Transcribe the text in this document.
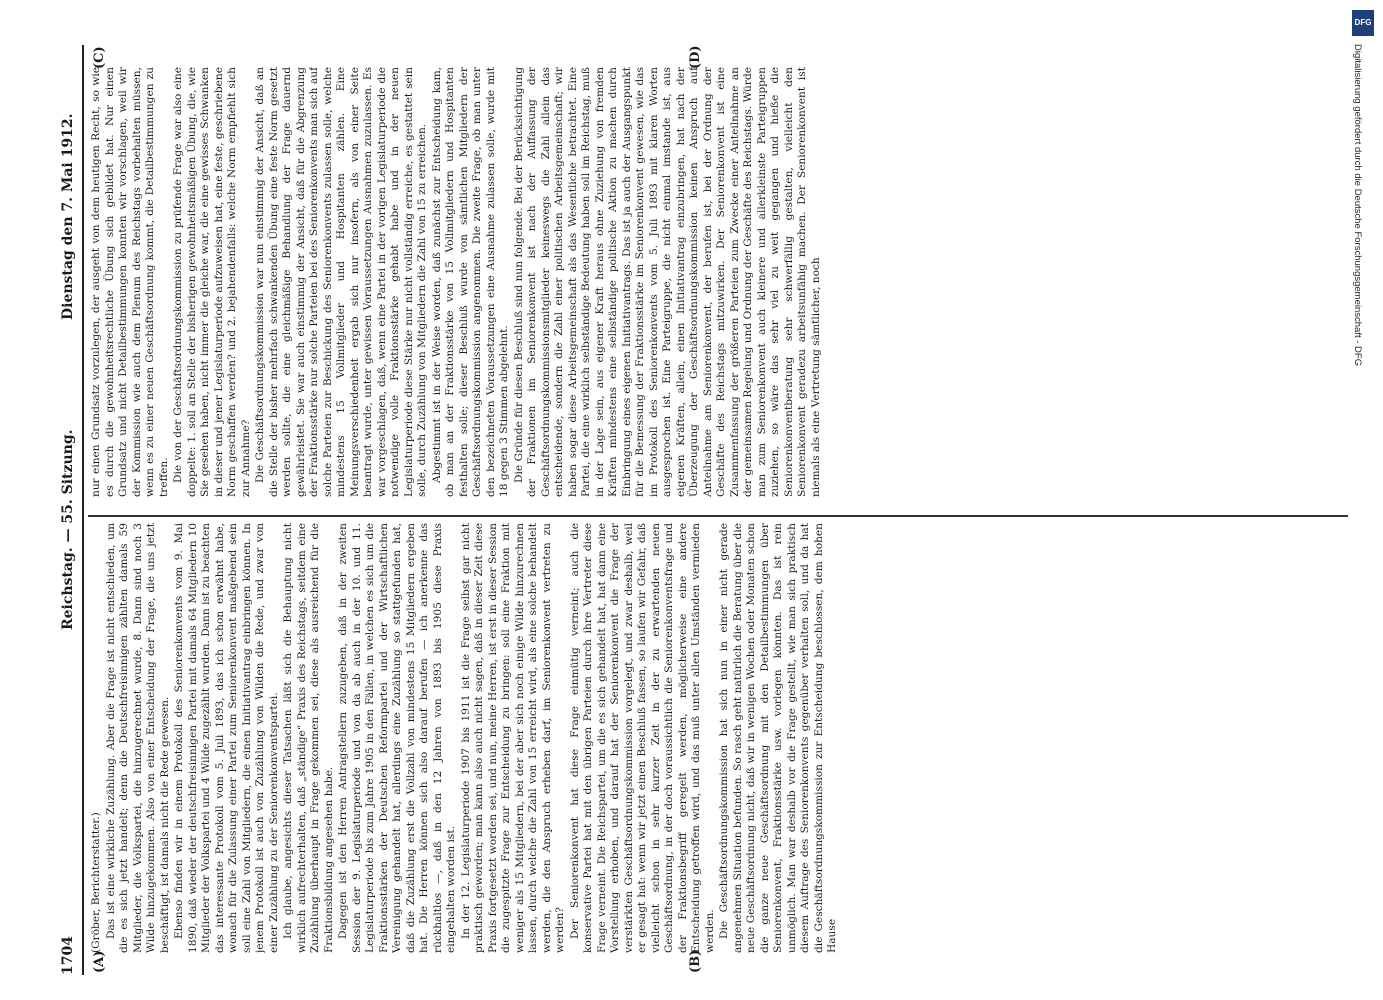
1704
Reichstag. — 55. Sitzung.
Dienstag den 7. Mai 1912.
(A)	(B)
(C)	(D)

(Gröber, Berichterstatter.) Das ist eine wirkliche Zuzählung. Aber die Frage ist nicht entschieden, um die es sich jetzt handelt; denn die Deutschfreisinnigen zählten damals 59 Mitglieder, die Volkspartei, die hinzugerechnet wurde, 8. Dann sind noch 3 Wilde hinzugekommen. Also von einer Entscheidung der Frage, die uns jetzt beschäftigt, ist damals nicht die Rede gewesen. Ebenso finden wir in einem Protokoll des Seniorenkonvents vom 9. Mai 1890, daß wieder der deutschfreisinnigen Partei mit damals 64 Mitgliedern 10 Mitglieder der Volkspartei und 4 Wilde zugezählt wurden. Dann ist zu beachten das interessante Protokoll vom 5. Juli 1893, das ich schon erwähnt habe, wonach für die Zulassung einer Partei zum Seniorenkonvent maßgebend sein soll eine Zahl von Mitgliedern, die einen Initiativantrag einbringen können. In jenem Protokoll ist auch von Zuzählung von Wilden die Rede, und zwar von einer Zuzählung zu der Seniorenkonventspartei. Ich glaube, angesichts dieser Tatsachen läßt sich die Behauptung nicht wirklich aufrechterhalten, daß „ständige“ Praxis des Reichstags, seitdem eine Zuzählung überhaupt in Frage gekommen sei, diese als ausreichend für die Fraktionsbildung angesehen habe. Dagegen ist den Herren Antragstellern zuzugeben, daß in der zweiten Session der 9. Legislaturperiode und von da ab auch in der 10. und 11. Legislaturperiode bis zum Jahre 1905 in den Fällen, in welchen es sich um die Fraktionsstärken der Deutschen Reformpartei und der Wirtschaftlichen Vereinigung gehandelt hat, allerdings eine Zuzählung so stattgefunden hat, daß die Zuzählung erst die Vollzahl von mindestens 15 Mitgliedern ergeben hat. Die Herren können sich also darauf berufen — ich anerkenne das rückhaltlos —, daß in den 12 Jahren von 1893 bis 1905 diese Praxis eingehalten worden ist. In der 12. Legislaturperiode 1907 bis 1911 ist die Frage selbst gar nicht praktisch geworden; man kann also auch nicht sagen, daß in dieser Zeit diese Praxis fortgesetzt worden sei, und nun, meine Herren, ist erst in dieser Session die zugespitzte Frage zur Entscheidung zu bringen: soll eine Fraktion mit weniger als 15 Mitgliedern, bei der aber sich noch einige Wilde hinzurechnen lassen, durch welche die Zahl von 15 erreicht wird, als eine solche behandelt werden, die den Anspruch erheben darf, im Seniorenkonvent vertreten zu werden? Der Seniorenkonvent hat diese Frage einmütig verneint; auch die konservative Partei hat mit den übrigen Parteien durch ihre Vertreter diese Frage verneint. Die Reichspartei, um die es sich gehandelt hat, hat dann eine Vorstellung erhoben, und darauf hat der Seniorenkonvent die Frage der verstärkten Geschäftsordnungskommission vorgelegt, und zwar deshalb, weil er gesagt hat: wenn wir jetzt einen Beschluß fassen, so laufen wir Gefahr, daß vielleicht schon in sehr kurzer Zeit in der zu erwartenden neuen Geschäftsordnung, in der doch voraussichtlich die Seniorenkonventsfrage und der Fraktionsbegriff geregelt werden, möglicherweise eine andere Entscheidung getroffen wird, und das muß unter allen Umständen vermieden werden. Die Geschäftsordnungskommission hat sich nun in einer nicht gerade angenehmen Situation befunden. So rasch geht natürlich die Beratung über die neue Geschäftsordnung nicht, daß wir in wenigen Wochen oder Monaten schon die ganze neue Geschäftsordnung mit den Detailbestimmungen über Seniorenkonvent, Fraktionsstärke usw. vorlegen könnten. Das ist rein unmöglich. Man war deshalb vor die Frage gestellt, wie man sich praktisch diesem Auftrage des Seniorenkonvents gegenüber verhalten soll, und da hat die Geschäftsordnungskommission zur Entscheidung beschlossen, dem hohen Hause

nur einen Grundsatz vorzulegen, der ausgeht von dem heutigen Recht, so wie es durch die gewohnheitsrechtliche Übung sich gebildet hat. Nur einen Grundsatz und nicht Detailbestimmungen konnten wir vorschlagen, weil wir der Kommission wie auch dem Plenum des Reichstags vorbehalten müssen, wenn es zu einer neuen Geschäftsordnung kommt, die Detailbestimmungen zu treffen. Die von der Geschäftsordnungskommission zu prüfende Frage war also eine doppelte: 1. soll an Stelle der bisherigen gewohnheitsmäßigen Übung, die, wie Sie gesehen haben, nicht immer die gleiche war, die eine gewisses Schwanken in dieser und jener Legislaturperiode aufzuweisen hat, eine feste, geschriebene Norm geschaffen werden? und 2. bejahendenfalls: welche Norm empfiehlt sich zur Annahme? Die Geschäftsordnungskommission war nun einstimmig der Ansicht, daß an die Stelle der bisher mehrfach schwankenden Übung eine feste Norm gesetzt werden sollte, die eine gleichmäßige Behandlung der Frage dauernd gewährleistet. Sie war auch einstimmig der Ansicht, daß für die Abgrenzung der Fraktionsstärke nur solche Parteien bei des Seniorenkonvents man sich auf solche Parteien zur Beschickung des Seniorenkonvents zulassen solle, welche mindestens 15 Vollmitglieder und Hospitanten zählen. Eine Meinungsverschiedenheit ergab sich nur insofern, als von einer Seite beantragt wurde, unter gewissen Voraussetzungen Ausnahmen zuzulassen. Es war vorgeschlagen, daß, wenn eine Partei in der vorigen Legislaturperiode die notwendige volle Fraktionsstärke gehabt habe und in der neuen Legislaturperiode diese Stärke nur nicht vollständig erreiche, es gestattet sein solle, durch Zuzählung von Mitgliedern die Zahl von 15 zu erreichen. Abgestimmt ist in der Weise worden, daß zunächst zur Entscheidung kam, ob man an der Fraktionsstärke von 15 Vollmitgliedern und Hospitanten festhalten solle; dieser Beschluß wurde von sämtlichen Mitgliedern der Geschäftsordnungskommission angenommen. Die zweite Frage, ob man unter den bezeichneten Voraussetzungen eine Ausnahme zulassen solle, wurde mit 18 gegen 3 Stimmen abgelehnt. Die Gründe für diesen Beschluß sind nun folgende. Bei der Berücksichtigung der Fraktionen im Seniorenkonvent ist nach der Auffassung der Geschäftsordnungskommissionsmitglieder keineswegs die Zahl allein das entscheidende, sondern die Zahl einer politischen Arbeitsgemeinschaft; wir haben sogar diese Arbeitsgemeinschaft als das Wesentliche betrachtet. Eine Partei, die eine wirklich selbständige Bedeutung haben soll im Reichstag, muß in der Lage sein, aus eigener Kraft heraus ohne Zuziehung von fremden Kräften mindestens eine selbständige politische Aktion zu machen durch Einbringung eines eigenen Initiativantrags. Das ist ja auch der Ausgangspunkt für die Bemessung der Fraktionsstärke im Seniorenkonvent gewesen, wie das im Protokoll des Seniorenkonvents vom 5. Juli 1893 mit klaren Worten ausgesprochen ist. Eine Parteigruppe, die nicht einmal imstande ist, aus eigenen Kräften, allein, einen Initiativantrag einzubringen, hat nach der Überzeugung der Geschäftsordnungskommission keinen Anspruch auf Anteilnahme am Seniorenkonvent, der berufen ist, bei der Ordnung der Geschäfte des Reichstags mitzuwirken. Der Seniorenkonvent ist eine Zusammenfassung der größeren Parteien zum Zwecke einer Anteilnahme an der gemeinsamen Regelung und Ordnung der Geschäfte des Reichstags. Würde man zum Seniorenkonvent auch kleinere und allerkleinste Parteigruppen zuziehen, so wäre das sehr viel zu weit gegangen und hieße die Seniorenkonventberatung sehr schwerfällig gestalten, vielleicht den Seniorenkonvent geradezu arbeitsunfähig machen. Der Seniorenkonvent ist niemals als eine Vertretung sämtlicher, noch

DFG
Digitalisierung gefördert durch die Deutsche Forschungsgemeinschaft - DFG
